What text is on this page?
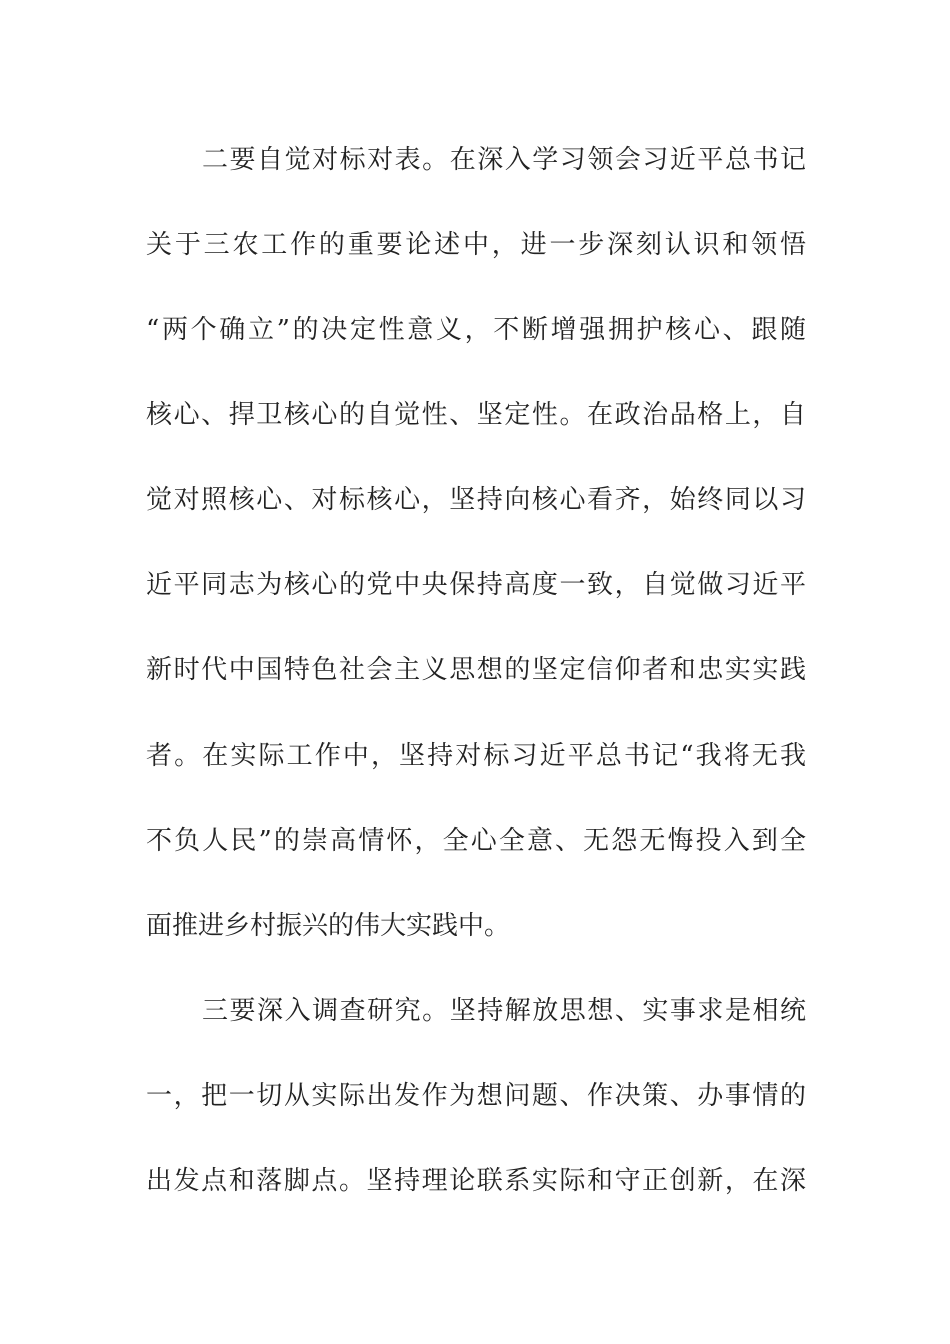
二要自觉对标对表。在深入学习领会习近平总书记
关于三农工作的重要论述中，进一步深刻认识和领悟
“两个确立”的决定性意义，不断增强拥护核心、跟随
核心、捍卫核心的自觉性、坚定性。在政治品格上，自
觉对照核心、对标核心，坚持向核心看齐，始终同以习
近平同志为核心的党中央保持高度一致，自觉做习近平
新时代中国特色社会主义思想的坚定信仰者和忠实实践
者。在实际工作中，坚持对标习近平总书记“我将无我
不负人民”的崇高情怀，全心全意、无怨无悔投入到全
面推进乡村振兴的伟大实践中。
三要深入调查研究。坚持解放思想、实事求是相统
一，把一切从实际出发作为想问题、作决策、办事情的
出发点和落脚点。坚持理论联系实际和守正创新，在深
